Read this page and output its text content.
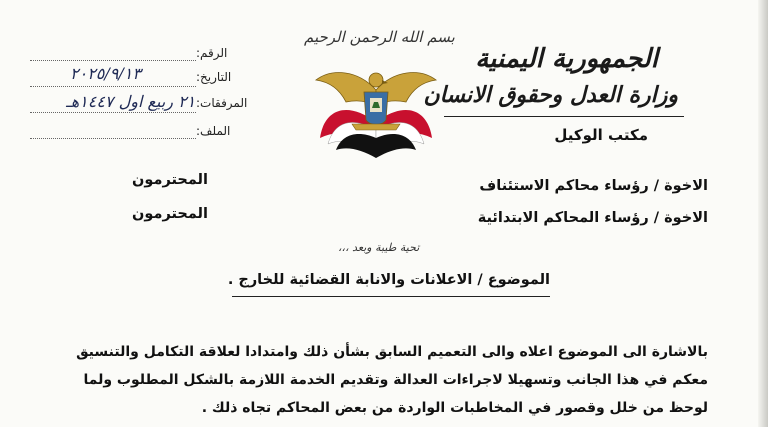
الجمهورية اليمنية
وزارة العدل وحقوق الانسان
مكتب الوكيل
بسم الله الرحمن الرحيم
الرقم:
التاريخ:
٢٠٢٥/٩/١٣
المرفقات:
٢١ ربيع اول ١٤٤٧هـ
الملف:
الاخوة / رؤساء محاكم الاستئناف
المحترمون
الاخوة / رؤساء المحاكم الابتدائية
المحترمون
تحية طيبة وبعد ،،،
الموضوع / الاعلانات والانابة القضائية للخارج .
بالاشارة الى الموضوع اعلاه والى التعميم السابق بشأن ذلك وامتدادا لعلاقة التكامل والتنسيق
معكم في هذا الجانب وتسهيلا لاجراءات العدالة وتقديم الخدمة اللازمة بالشكل المطلوب ولما
لوحظ من خلل وقصور في المخاطبات الواردة من بعض المحاكم تجاه ذلك .
